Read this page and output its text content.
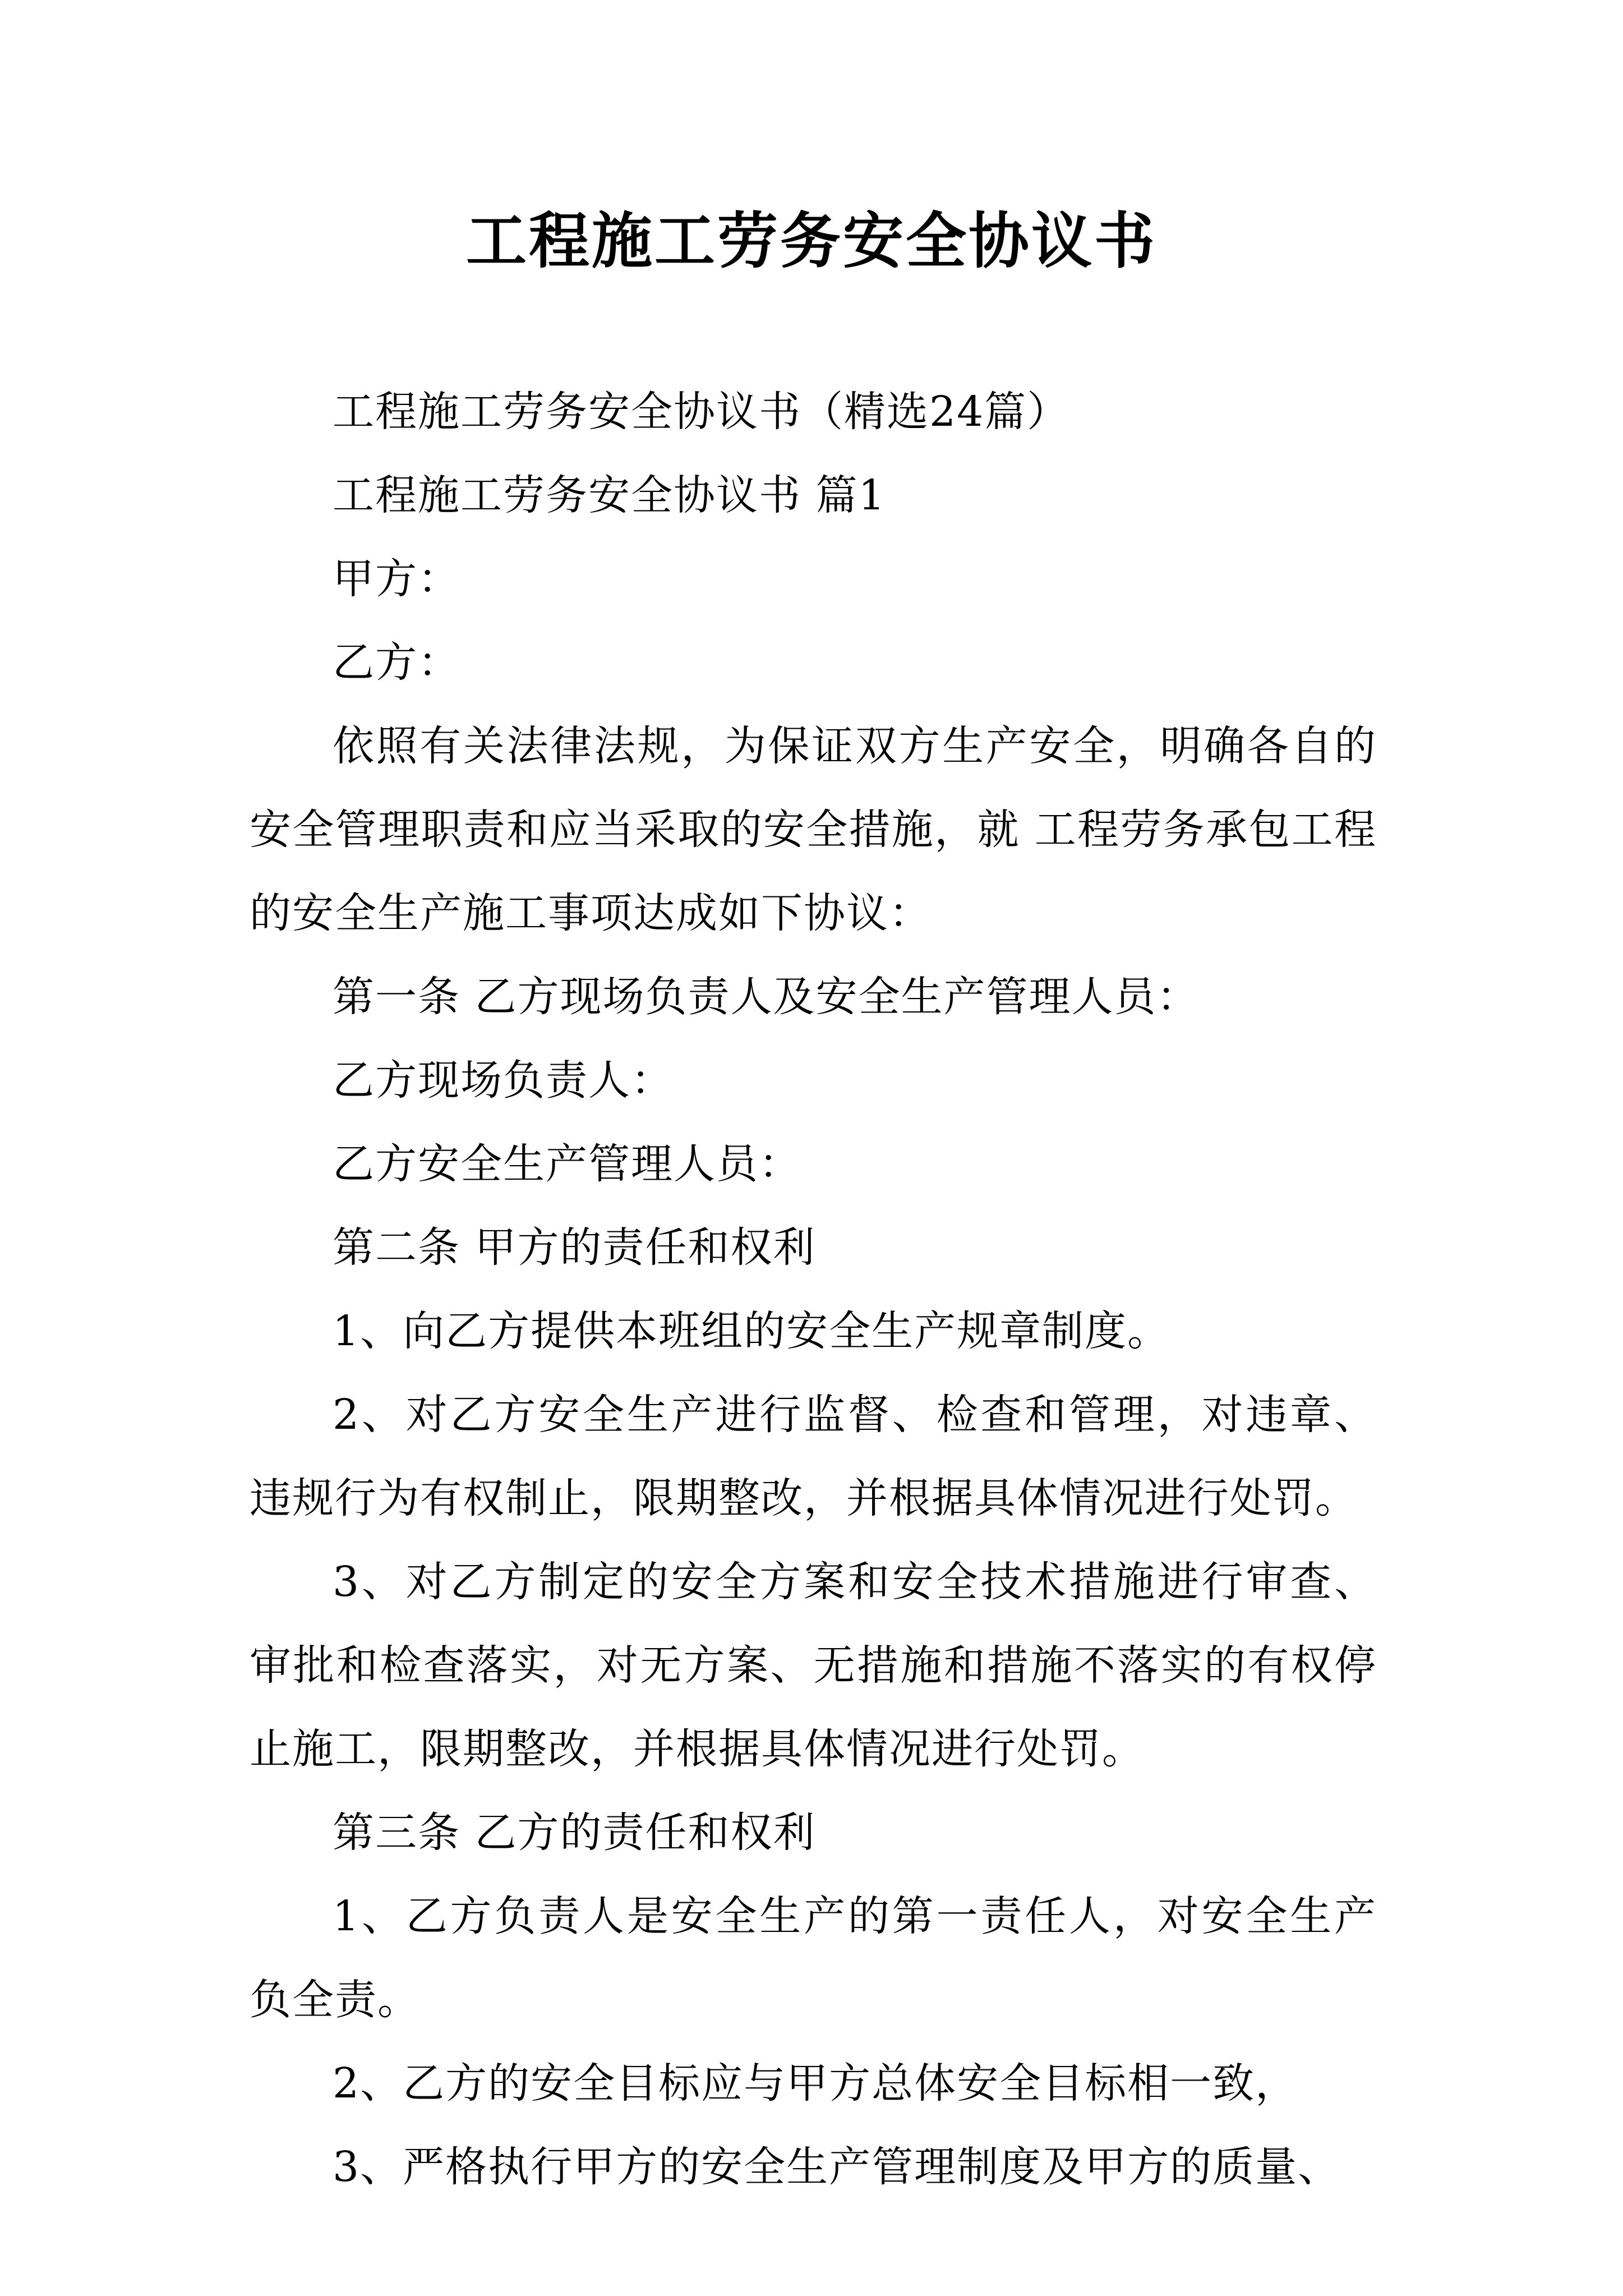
工程施工劳务安全协议书

工程施工劳务安全协议书（精选24篇）

工程施工劳务安全协议书 篇1

甲方：

乙方：

依照有关法律法规，为保证双方生产安全，明确各自的安全管理职责和应当采取的安全措施，就 工程劳务承包工程的安全生产施工事项达成如下协议：

第一条 乙方现场负责人及安全生产管理人员：

乙方现场负责人：

乙方安全生产管理人员：

第二条 甲方的责任和权利

1、向乙方提供本班组的安全生产规章制度。

2、对乙方安全生产进行监督、检查和管理，对违章、违规行为有权制止，限期整改，并根据具体情况进行处罚。

3、对乙方制定的安全方案和安全技术措施进行审查、审批和检查落实，对无方案、无措施和措施不落实的有权停止施工，限期整改，并根据具体情况进行处罚。

第三条 乙方的责任和权利

1、乙方负责人是安全生产的第一责任人，对安全生产负全责。

2、乙方的安全目标应与甲方总体安全目标相一致，

3、严格执行甲方的安全生产管理制度及甲方的质量、
